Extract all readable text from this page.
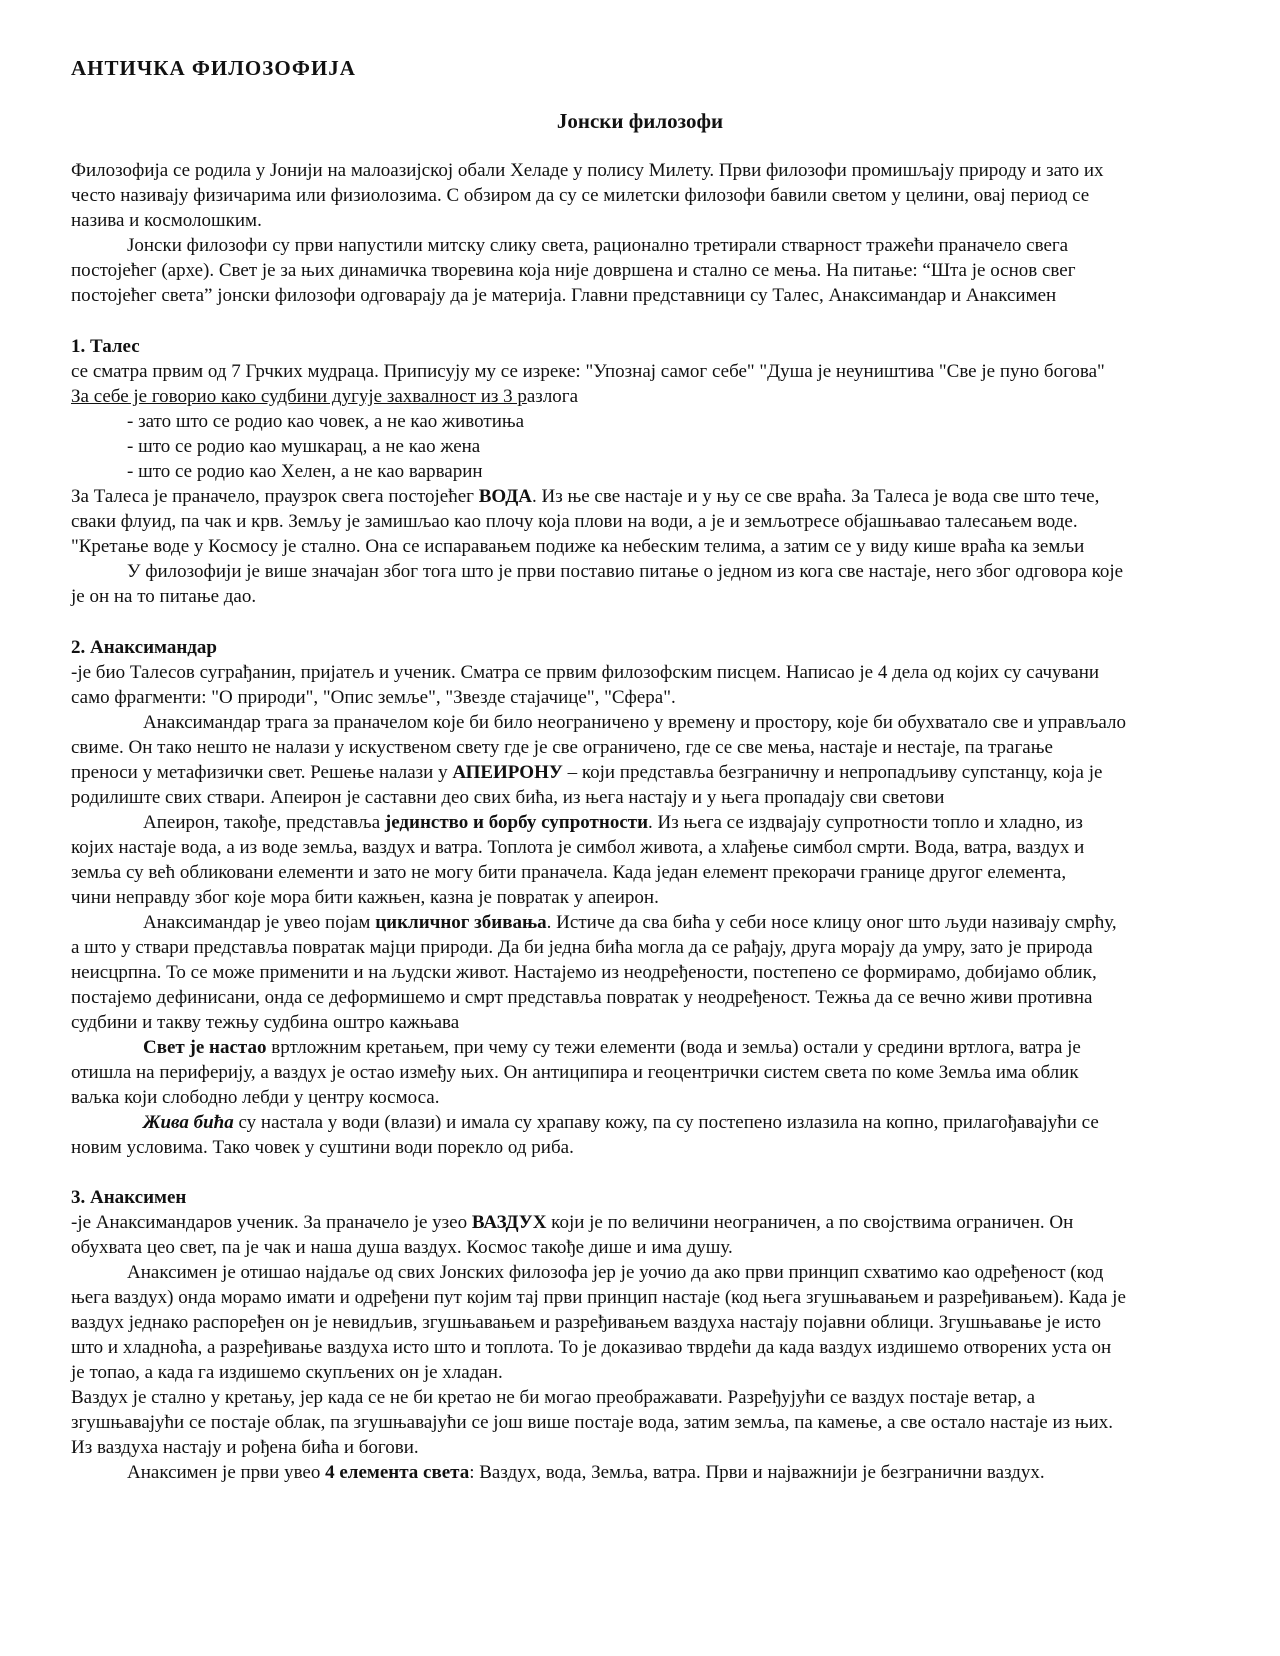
АНТИЧКА ФИЛОЗОФИЈА
Јонски филозофи
Филозофија се родила у Јонији на малоазијској обали Хеладе у полису Милету. Први филозофи промишљају природу и зато их
често називају физичарима или физиолозима. С обзиром да су се милетски филозофи бавили светом у целини, овај период се
назива и космолошким.
Јонски филозофи су први напустили митску слику света, рационално третирали стварност тражећи праначело свега
постојећег (архе). Свет је за њих динамичка творевина која није довршена и стално се мења. На питање: “Шта је основ свег
постојећег света” јонски филозофи одговарају да је материја. Главни представници су Талес, Анаксимандар и Анаксимен
1. Талес
се сматра првим од 7 Грчких мудраца. Приписују му се изреке: "Упознај самог себе" "Душа је неуништива "Све је пуно богова"
За себе је говорио како судбини дугује захвалност из 3 разлога
- зато што се родио као човек, а не као животиња
- што се родио као мушкарац, а не као жена
- што се родио као Хелен, а не као варварин
За Талеса је праначело, праузрок свега постојећег ВОДА. Из ње све настаје и у њу се све враћа. За Талеса је вода све што тече,
сваки флуид, па чак и крв. Земљу је замишљао као плочу која плови на води, а је и земљотресе објашњавао талесањем воде.
"Кретање воде у Космосу је стално. Она се испаравањем подиже ка небеским телима, а затим се у виду кише враћа ка земљи
У филозофији је више значајан због тога што је први поставио питање о једном из кога све настаје, него због одговора које
је он на то питање дао.
2. Анаксимандар
-је био Талесов суграђанин, пријатељ и ученик. Сматра се првим филозофским писцем. Написао је 4 дела од којих су сачувани
само фрагменти: "О природи", "Опис земље", "Звезде стајачице", "Сфера".
Анаксимандар трага за праначелом које би било неограничено у времену и простору, које би обухватало све и управљало
свиме. Он тако нешто не налази у искуственом свету где је све ограничено, где се све мења, настаје и нестаје, па трагање
преноси у метафизички свет. Решење налази у АПЕИРОНУ – који представља безграничну и непропадљиву супстанцу, која је
родилиште свих ствари. Апеирон је саставни део свих бића, из њега настају и у њега пропадају сви светови
Апеирон, такође, представља јединство и борбу супротности. Из њега се издвајају супротности топло и хладно, из
којих настаје вода, а из воде земља, ваздух и ватра. Топлота је симбол живота, а хлађење симбол смрти. Вода, ватра, ваздух и
земља су већ обликовани елементи и зато не могу бити праначела. Када један елемент прекорачи границе другог елемента,
чини неправду због које мора бити кажњен, казна је повратак у апеирон.
Анаксимандар је увео појам цикличног збивања. Истиче да сва бића у себи носе клицу оног што људи називају смрћу,
а што у ствари представља повратак мајци природи. Да би једна бића могла да се рађају, друга морају да умру, зато је природа
неисцрпна. То се може применити и на људски живот. Настајемо из неодређености, постепено се формирамо, добијамо облик,
постајемо дефинисани, онда се деформишемо и смрт представља повратак у неодређеност. Тежња да се вечно живи противна
судбини и такву тежњу судбина оштро кажњава
Свет је настао вртложним кретањем, при чему су тежи елементи (вода и земља) остали у средини вртлога, ватра је
отишла на периферију, а ваздух је остао између њих. Он антиципира и геоцентрички систем света по коме Земља има облик
ваљка који слободно лебди у центру космоса.
Жива бића су настала у води (влази) и имала су храпаву кожу, па су постепено излазила на копно, прилагођавајући се
новим условима. Тако човек у суштини води порекло од риба.
3. Анаксимен
-је Анаксимандаров ученик. За праначело је узео ВАЗДУХ који је по величини неограничен, а по својствима ограничен. Он
обухвата цео свет, па је чак и наша душа ваздух. Космос такође дише и има душу.
Анаксимен је отишао најдаље од свих Јонских филозофа јер је уочио да ако први принцип схватимо као одређеност (код
њега ваздух) онда морамо имати и одређени пут којим тај први принцип настаје (код њега згушњавањем и разређивањем). Када је
ваздух једнако распоређен он је невидљив, згушњавањем и разређивањем ваздуха настају појавни облици. Згушњавање је исто
што и хладноћа, а разређивање ваздуха исто што и топлота. То је доказивао тврдећи да када ваздух издишемо отворених уста он
је топао, а када га издишемо скупљених он је хладан.
Ваздух је стално у кретању, јер када се не би кретао не би могао преображавати. Разређујући се ваздух постаје ветар, а
згушњавајући се постаје облак, па згушњавајући се још више постаје вода, затим земља, па камење, а све остало настаје из њих.
Из ваздуха настају и рођена бића и богови.
Анаксимен је први увео 4 елемента света: Ваздух, вода, Земља, ватра. Први и најважнији је безгранични ваздух.
